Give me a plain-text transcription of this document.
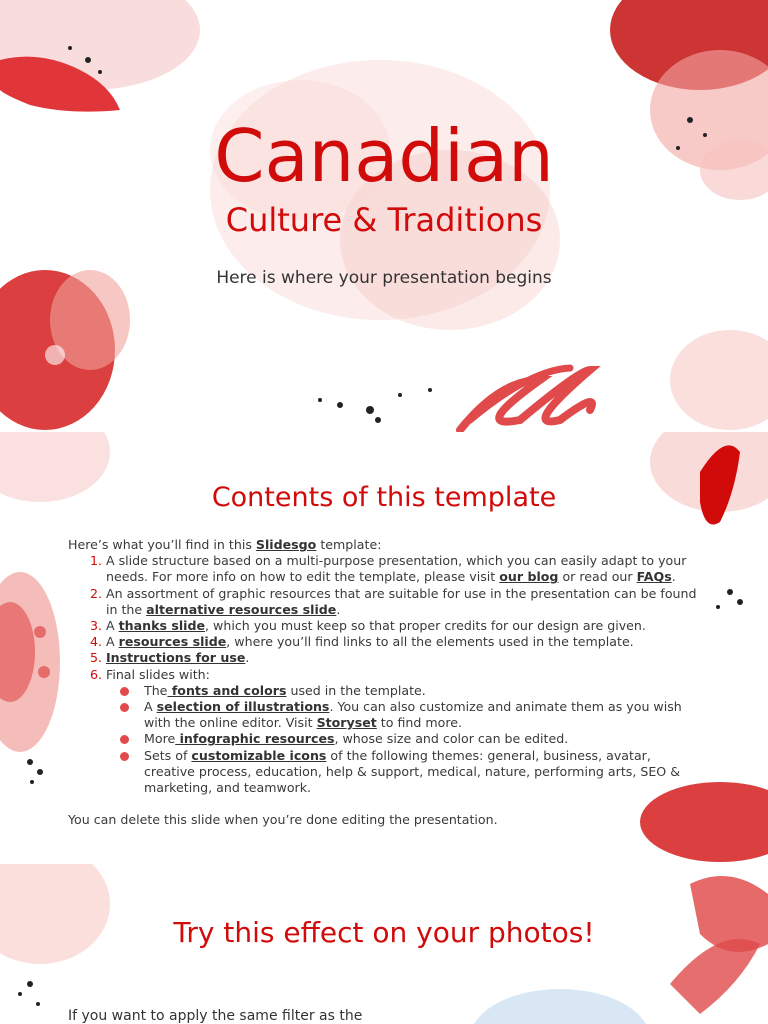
Canadian
Culture & Traditions
Here is where your presentation begins
Contents of this template
Here’s what you’ll find in this Slidesgo template:
1. A slide structure based on a multi-purpose presentation, which you can easily adapt to your needs. For more info on how to edit the template, please visit our blog or read our FAQs.
2. An assortment of graphic resources that are suitable for use in the presentation can be found in the alternative resources slide.
3. A thanks slide, which you must keep so that proper credits for our design are given.
4. A resources slide, where you’ll find links to all the elements used in the template.
5. Instructions for use.
6. Final slides with:
The fonts and colors used in the template.
A selection of illustrations. You can also customize and animate them as you wish with the online editor. Visit Storyset to find more.
More infographic resources, whose size and color can be edited.
Sets of customizable icons of the following themes: general, business, avatar, creative process, education, help & support, medical, nature, performing arts, SEO & marketing, and teamwork.
You can delete this slide when you’re done editing the presentation.
Try this effect on your photos!
If you want to apply the same filter as the
